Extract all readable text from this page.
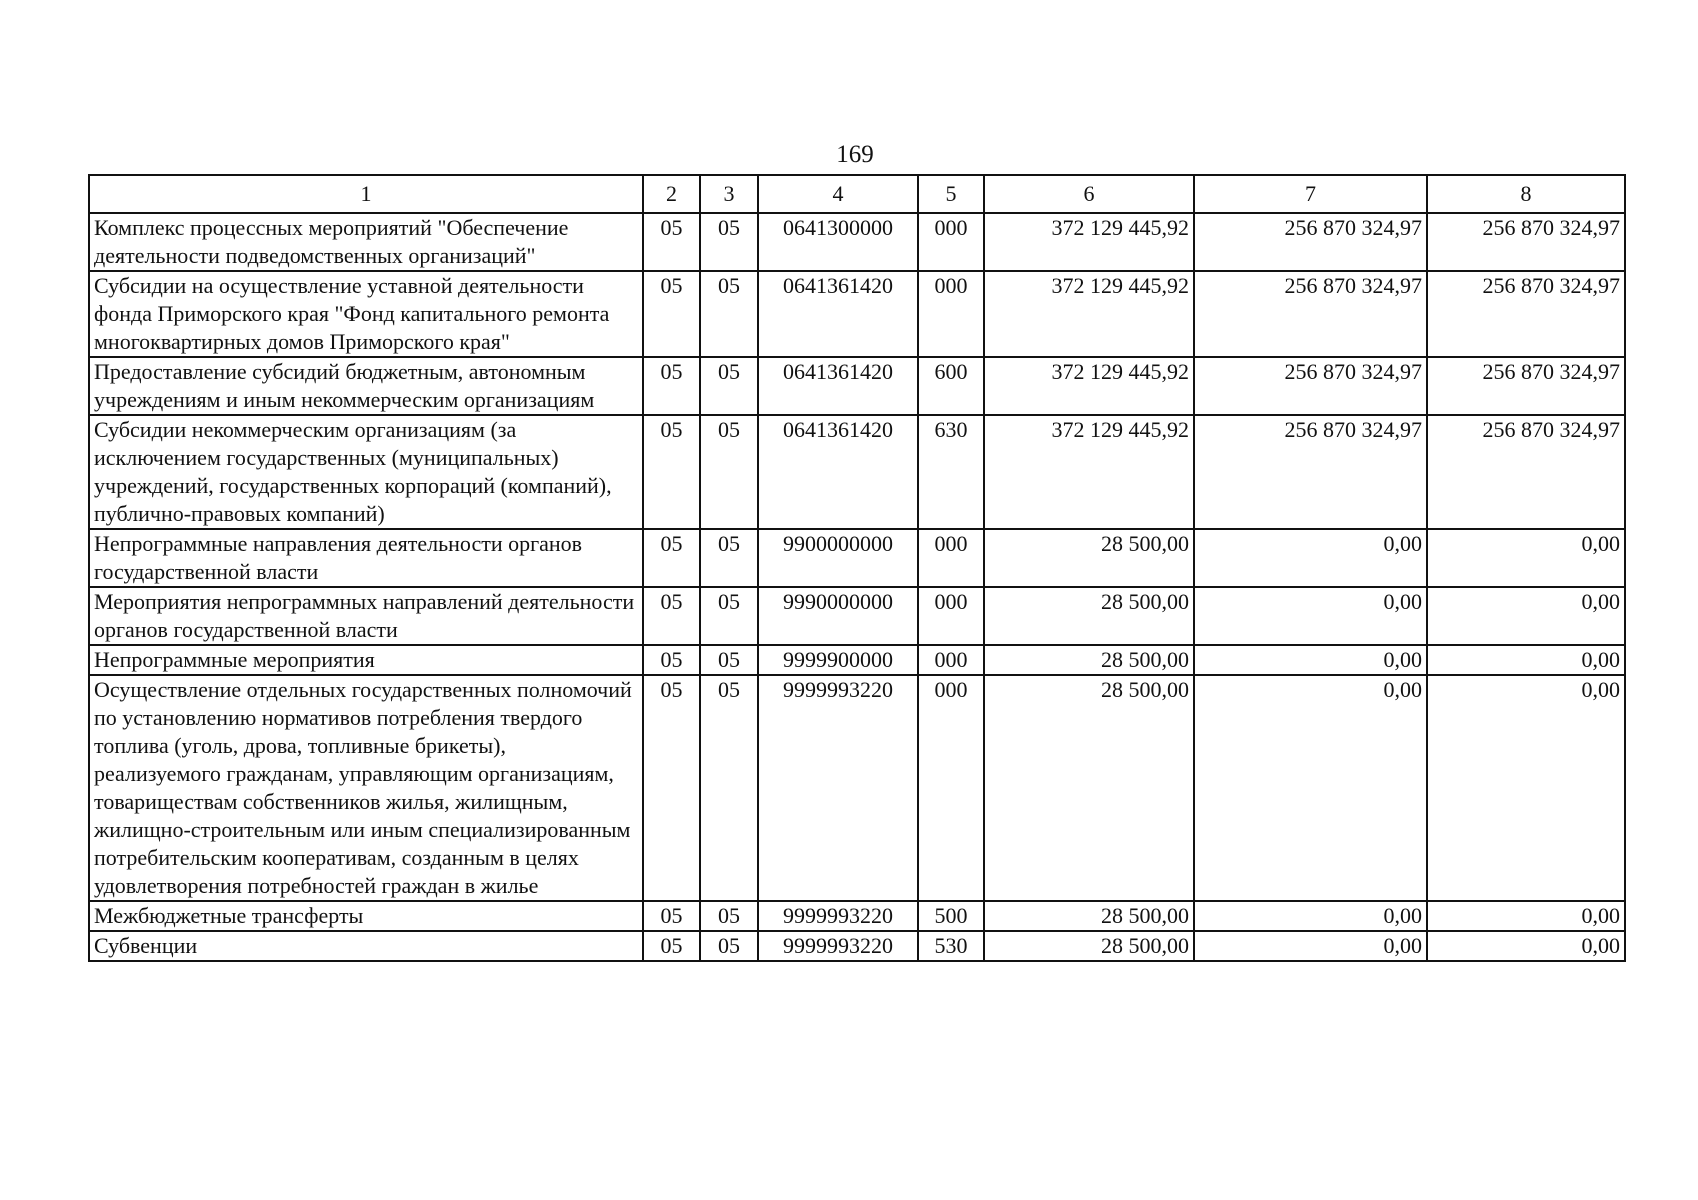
169
1	2	3	4	5	6	7	8
Комплекс процессных мероприятий "Обеспечение деятельности подведомственных организаций"	05	05	0641300000	000	372 129 445,92	256 870 324,97	256 870 324,97
Субсидии на осуществление уставной деятельности фонда Приморского края "Фонд капитального ремонта многоквартирных домов Приморского края"	05	05	0641361420	000	372 129 445,92	256 870 324,97	256 870 324,97
Предоставление субсидий бюджетным, автономным учреждениям и иным некоммерческим организациям	05	05	0641361420	600	372 129 445,92	256 870 324,97	256 870 324,97
Субсидии некоммерческим организациям (за исключением государственных (муниципальных) учреждений, государственных корпораций (компаний), публично-правовых компаний)	05	05	0641361420	630	372 129 445,92	256 870 324,97	256 870 324,97
Непрограммные направления деятельности органов государственной власти	05	05	9900000000	000	28 500,00	0,00	0,00
Мероприятия непрограммных направлений деятельности органов государственной власти	05	05	9990000000	000	28 500,00	0,00	0,00
Непрограммные мероприятия	05	05	9999900000	000	28 500,00	0,00	0,00
Осуществление отдельных государственных полномочий по установлению нормативов потребления твердого топлива (уголь, дрова, топливные брикеты), реализуемого гражданам, управляющим организациям, товариществам собственников жилья, жилищным, жилищно-строительным или иным специализированным потребительским кооперативам, созданным в целях удовлетворения потребностей граждан в жилье	05	05	9999993220	000	28 500,00	0,00	0,00
Межбюджетные трансферты	05	05	9999993220	500	28 500,00	0,00	0,00
Субвенции	05	05	9999993220	530	28 500,00	0,00	0,00
